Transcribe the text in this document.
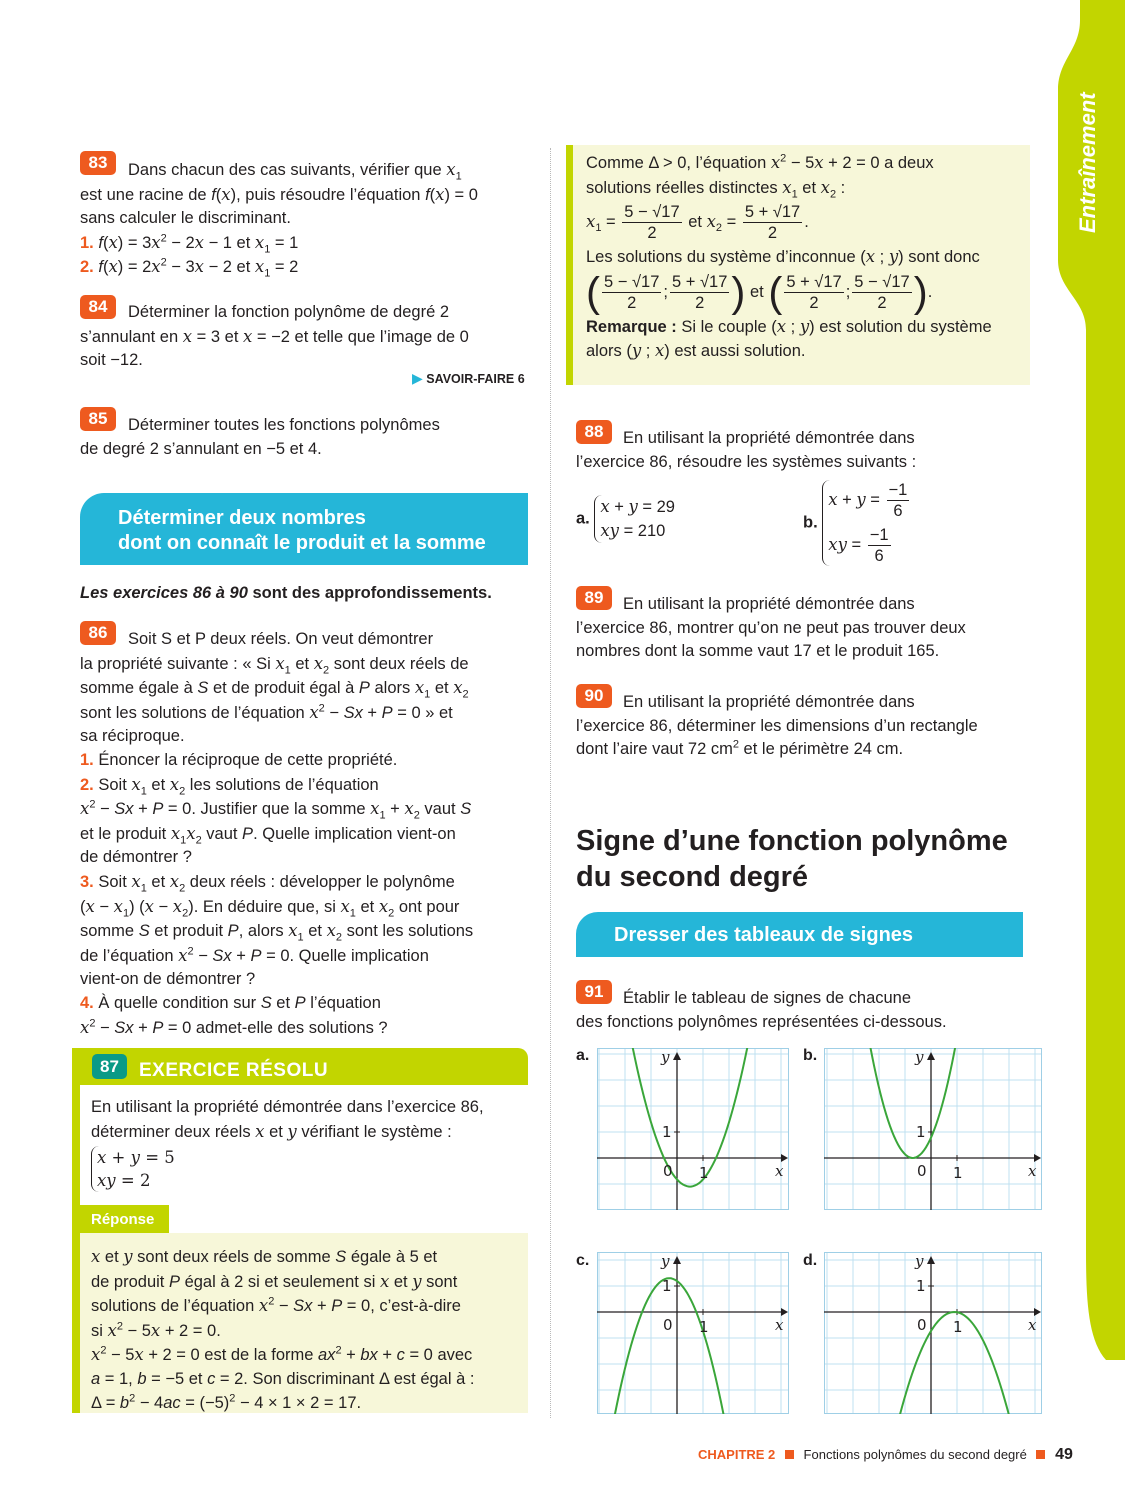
Entraînement
83	Dans chacun des cas suivants, vérifier que $x_1$
est une racine de f(x), puis résoudre l’équation f(x) = 0
sans calculer le discriminant.
1. $f(x) = 3x^2 - 2x - 1$ et $x_1 = 1$
2. $f(x) = 2x^2 - 3x - 2$ et $x_1 = 2$
84	Déterminer la fonction polynôme de degré 2
s’annulant en x = 3 et x = −2 et telle que l’image de 0
soit −12.
▶ SAVOIR-FAIRE 6
85	Déterminer toutes les fonctions polynômes
de degré 2 s’annulant en −5 et 4.
Déterminer deux nombres
dont on connaît le produit et la somme
Les exercices 86 à 90 sont des approfondissements.
86	Soit S et P deux réels. On veut démontrer
la propriété suivante : « Si $x_1$ et $x_2$ sont deux réels de
somme égale à S et de produit égal à P alors $x_1$ et $x_2$
sont les solutions de l’équation $x^2 - Sx + P = 0$ » et
sa réciproque.
1. Énoncer la réciproque de cette propriété.
2. Soit $x_1$ et $x_2$ les solutions de l’équation
$x^2 - Sx + P = 0$. Justifier que la somme $x_1 + x_2$ vaut S
et le produit $x_1x_2$ vaut P. Quelle implication vient-on
de démontrer ?
3. Soit $x_1$ et $x_2$ deux réels : développer le polynôme
$(x - x_1)$ $(x - x_2)$. En déduire que, si $x_1$ et $x_2$ ont pour
somme S et produit P, alors $x_1$ et $x_2$ sont les solutions
de l’équation $x^2 - Sx + P = 0$. Quelle implication
vient-on de démontrer ?
4. À quelle condition sur S et P l’équation
$x^2 - Sx + P = 0$ admet-elle des solutions ?
87	EXERCICE RÉSOLU
En utilisant la propriété démontrée dans l’exercice 86,
déterminer deux réels x et y vérifiant le système :
x + y = 5
xy = 2
Réponse
x et y sont deux réels de somme S égale à 5 et
de produit P égal à 2 si et seulement si x et y sont
solutions de l’équation $x^2 - Sx + P = 0$, c’est-à-dire
si $x^2 - 5x + 2 = 0$.
$x^2 - 5x + 2 = 0$ est de la forme $ax^2$ + bx + c = 0 avec
a = 1, b = −5 et c = 2. Son discriminant Δ est égal à :
$\Delta = b^2 - 4ac = (-5)^2 - 4 \times 1 \times 2 = 17$.
Comme Δ > 0, l’équation $x^2 - 5x + 2 = 0$ a deux
solutions réelles distinctes $x_1$ et $x_2$ :
$x_1 = \frac{5 - √17}{2}$ et $x_2 = \frac{5 + √17}{2}$ .
Les solutions du système d’inconnue (x ; y) sont donc
( $\frac{5 - √17}{2}$ ; $\frac{5 + √17}{2}$ ) et ( $\frac{5 + √17}{2}$ ; $\frac{5 - √17}{2}$ ).
Remarque : Si le couple (x ; y) est solution du système
alors (y ; x) est aussi solution.
88	En utilisant la propriété démontrée dans
l’exercice 86, résoudre les systèmes suivants :
a. x + y = 29
xy = 210	b.
$x + y = \frac{-1}{6}$
xy = $\frac{-1}{6}$
89	En utilisant la propriété démontrée dans
l’exercice 86, montrer qu’on ne peut pas trouver deux
nombres dont la somme vaut 17 et le produit 165.
90	En utilisant la propriété démontrée dans
l’exercice 86, déterminer les dimensions d’un rectangle
dont l’aire vaut 72 $cm^2$ et le périmètre 24 cm.
Signe d’une fonction polynôme
du second degré
Dresser des tableaux de signes
91	Établir le tableau de signes de chacune
des fonctions polynômes représentées ci-dessous.
a.	b.
c.	d.
y
x
0 1
1
y
x
0 1
1
y
x
0 1
1
y
x
0 1
1
CHAPITRE 2 Fonctions polynômes du second degré 49
